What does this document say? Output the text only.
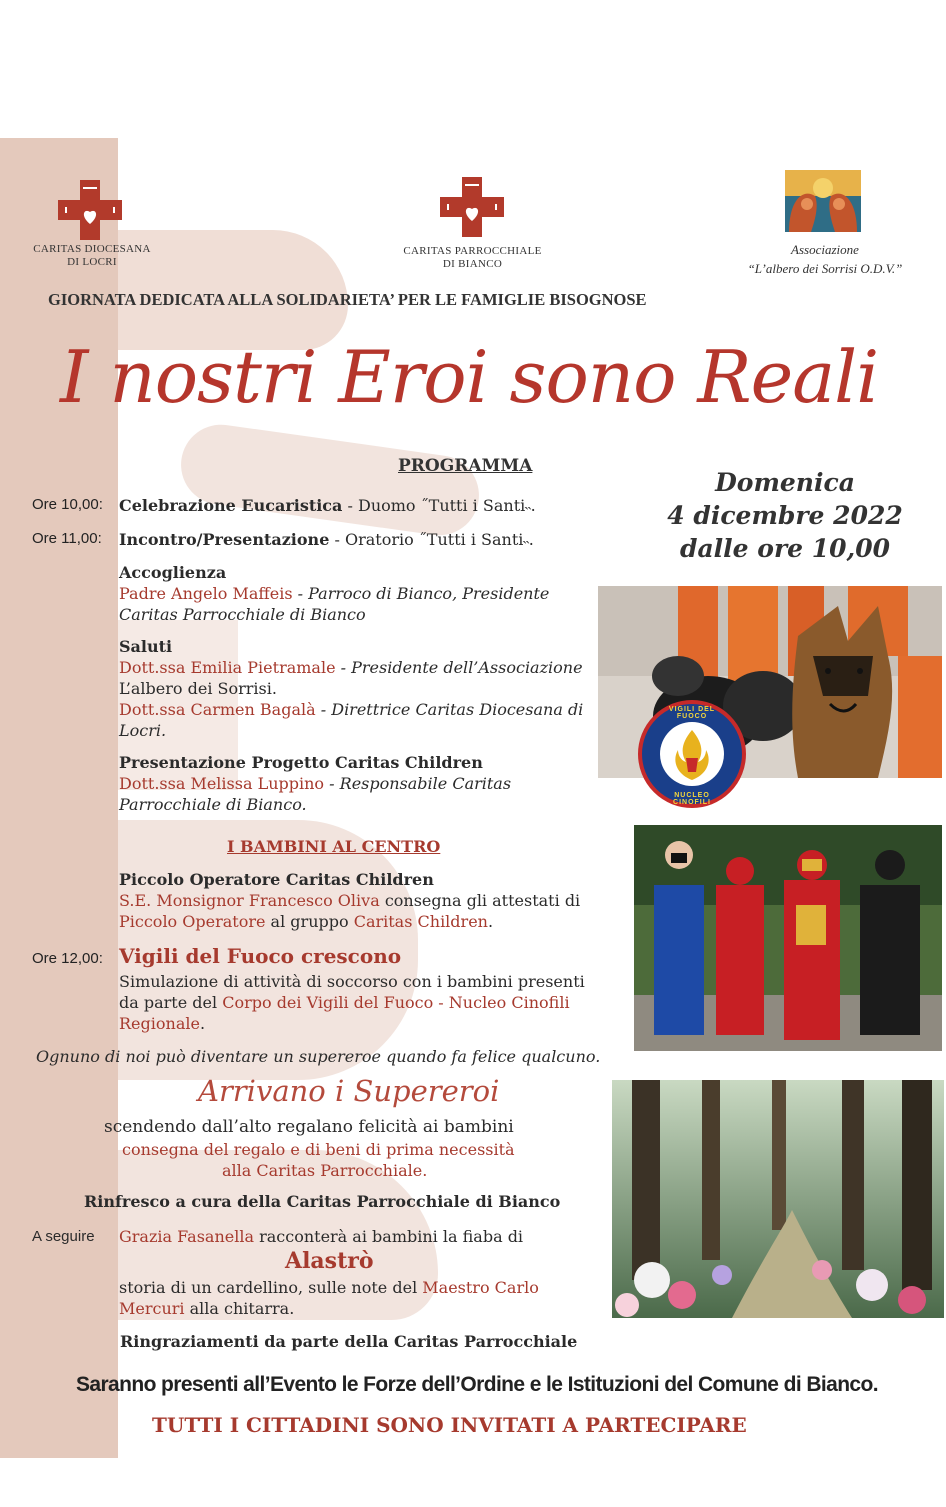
CARITAS DIOCESANA
DI LOCRI
CARITAS PARROCCHIALE
DI BIANCO
Associazione
“L’albero dei Sorrisi O.D.V.”
GIORNATA DEDICATA ALLA SOLIDARIETA’ PER LE FAMIGLIE BISOGNOSE
I nostri Eroi sono Reali
PROGRAMMA
Domenica
4 dicembre 2022
dalle ore 10,00
Ore 10,00: Celebrazione Eucaristica - Duomo ˝Tutti i Santi˵.
Ore 11,00: Incontro/Presentazione - Oratorio ˝Tutti i Santi˵.
Accoglienza
Padre Angelo Maffeis - Parroco di Bianco, Presidente
Caritas Parrocchiale di Bianco
Saluti
Dott.ssa Emilia Pietramale - Presidente dell’Associazione
L’albero dei Sorrisi.
Dott.ssa Carmen Bagalà - Direttrice Caritas Diocesana di
Locri.
Presentazione Progetto Caritas Children
Dott.ssa Melissa Luppino - Responsabile Caritas
Parrocchiale di Bianco.
I BAMBINI AL CENTRO
Piccolo Operatore Caritas Children
S.E. Monsignor Francesco Oliva consegna gli attestati di
Piccolo Operatore al gruppo Caritas Children.
Ore 12,00: Vigili del Fuoco crescono
Simulazione di attività di soccorso con i bambini presenti
da parte del Corpo dei Vigili del Fuoco - Nucleo Cinofili
Regionale.
Ognuno di noi può diventare un supereroe quando fa felice qualcuno.
Arrivano i Supereroi
scendendo dall’alto regalano felicità ai bambini
consegna del regalo e di beni di prima necessità
alla Caritas Parrocchiale.
Rinfresco a cura della Caritas Parrocchiale di Bianco
A seguire Grazia Fasanella racconterà ai bambini la fiaba di
Alastrò
storia di un cardellino, sulle note del Maestro Carlo
Mercuri alla chitarra.
Ringraziamenti da parte della Caritas Parrocchiale
Saranno presenti all’Evento le Forze dell’Ordine e le Istituzioni del Comune di Bianco.
TUTTI I CITTADINI SONO INVITATI A PARTECIPARE
VIGILI DEL FUOCO
NUCLEO CINOFILI
